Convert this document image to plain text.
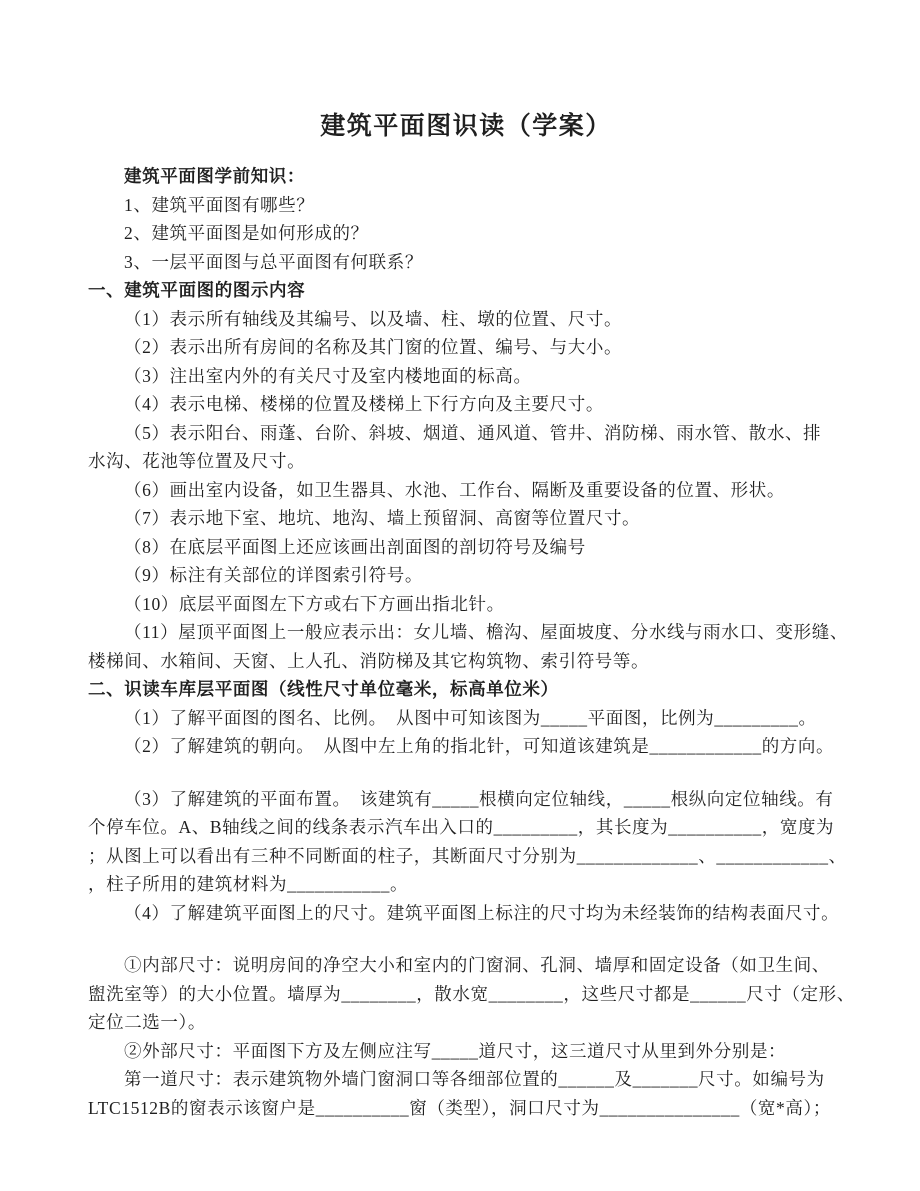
建筑平面图识读（学案）
建筑平面图学前知识：
1、建筑平面图有哪些？
2、建筑平面图是如何形成的？
3、一层平面图与总平面图有何联系？
一、建筑平面图的图示内容
（1）表示所有轴线及其编号、以及墙、柱、墩的位置、尺寸。
（2）表示出所有房间的名称及其门窗的位置、编号、与大小。
（3）注出室内外的有关尺寸及室内楼地面的标高。
（4）表示电梯、楼梯的位置及楼梯上下行方向及主要尺寸。
（5）表示阳台、雨蓬、台阶、斜坡、烟道、通风道、管井、消防梯、雨水管、散水、排
水沟、花池等位置及尺寸。
（6）画出室内设备，如卫生器具、水池、工作台、隔断及重要设备的位置、形状。
（7）表示地下室、地坑、地沟、墙上预留洞、高窗等位置尺寸。
（8）在底层平面图上还应该画出剖面图的剖切符号及编号
（9）标注有关部位的详图索引符号。
（10）底层平面图左下方或右下方画出指北针。
（11）屋顶平面图上一般应表示出：女儿墙、檐沟、屋面坡度、分水线与雨水口、变形缝、
楼梯间、水箱间、天窗、上人孔、消防梯及其它构筑物、索引符号等。
二、识读车库层平面图（线性尺寸单位毫米，标高单位米）
（1）了解平面图的图名、比例。　从图中可知该图为_____平面图，比例为_________。
（2）了解建筑的朝向。　从图中左上角的指北针，可知道该建筑是____________的方向。
（3）了解建筑的平面布置。　该建筑有_____根横向定位轴线，_____根纵向定位轴线。有
个停车位。A、B轴线之间的线条表示汽车出入口的_________，其长度为__________，宽度为
；从图上可以看出有三种不同断面的柱子，其断面尺寸分别为_____________、____________、
，柱子所用的建筑材料为___________。
（4）了解建筑平面图上的尺寸。建筑平面图上标注的尺寸均为未经装饰的结构表面尺寸。
①内部尺寸：说明房间的净空大小和室内的门窗洞、孔洞、墙厚和固定设备（如卫生间、
盥洗室等）的大小位置。墙厚为________，散水宽________，这些尺寸都是______尺寸（定形、
定位二选一）。
②外部尺寸：平面图下方及左侧应注写_____道尺寸，这三道尺寸从里到外分别是：
第一道尺寸：表示建筑物外墙门窗洞口等各细部位置的______及_______尺寸。如编号为
LTC1512B的窗表示该窗户是__________窗（类型），洞口尺寸为_______________（宽*高）；
